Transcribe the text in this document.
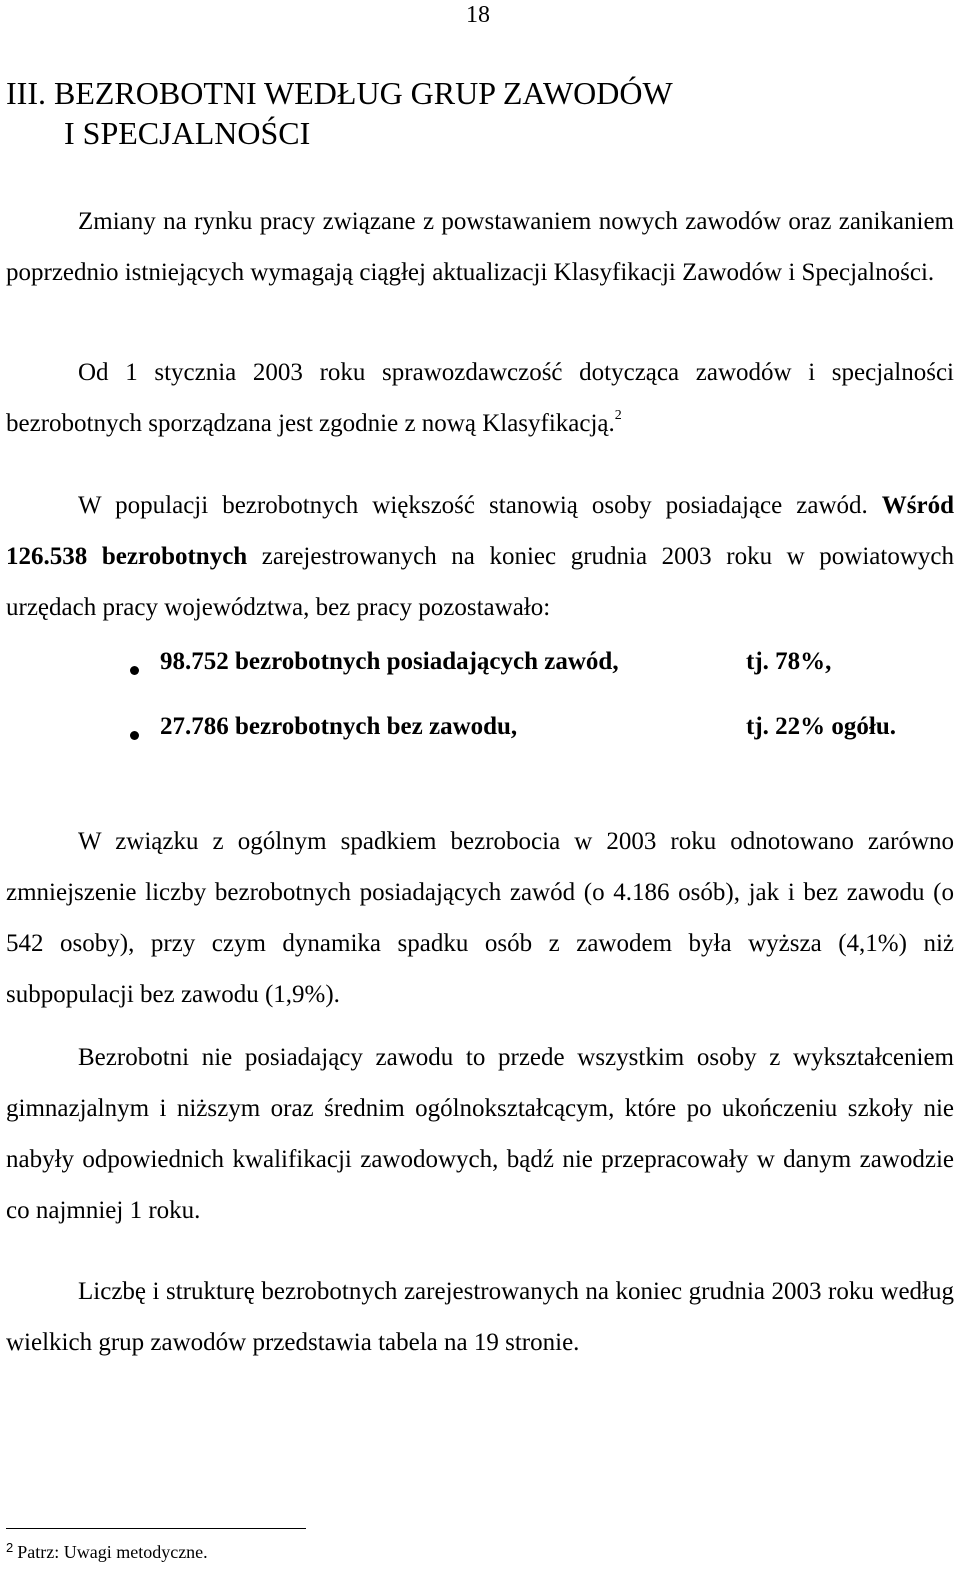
18
III. BEZROBOTNI WEDŁUG GRUP ZAWODÓW
I SPECJALNOŚCI

Zmiany na rynku pracy związane z powstawaniem nowych zawodów oraz zanikaniem poprzednio istniejących wymagają ciągłej aktualizacji Klasyfikacji Zawodów i Specjalności.

Od 1 stycznia 2003 roku sprawozdawczość dotycząca zawodów i specjalności bezrobotnych sporządzana jest zgodnie z nową Klasyfikacją.$^2$

W populacji bezrobotnych większość stanowią osoby posiadające zawód. Wśród 126.538 bezrobotnych zarejestrowanych na koniec grudnia 2003 roku w powiatowych urzędach pracy województwa, bez pracy pozostawało:

98.752 bezrobotnych posiadających zawód,	tj. 78%,
27.786 bezrobotnych bez zawodu,	tj. 22% ogółu.

W związku z ogólnym spadkiem bezrobocia w 2003 roku odnotowano zarówno zmniejszenie liczby bezrobotnych posiadających zawód (o 4.186 osób), jak i bez zawodu (o 542 osoby), przy czym dynamika spadku osób z zawodem była wyższa (4,1%) niż subpopulacji bez zawodu (1,9%).

Bezrobotni nie posiadający zawodu to przede wszystkim osoby z wykształceniem gimnazjalnym i niższym oraz średnim ogólnokształcącym, które po ukończeniu szkoły nie nabyły odpowiednich kwalifikacji zawodowych, bądź nie przepracowały w danym zawodzie co najmniej 1 roku.

Liczbę i strukturę bezrobotnych zarejestrowanych na koniec grudnia 2003 roku według wielkich grup zawodów przedstawia tabela na 19 stronie.

$^2$ Patrz: Uwagi metodyczne.
